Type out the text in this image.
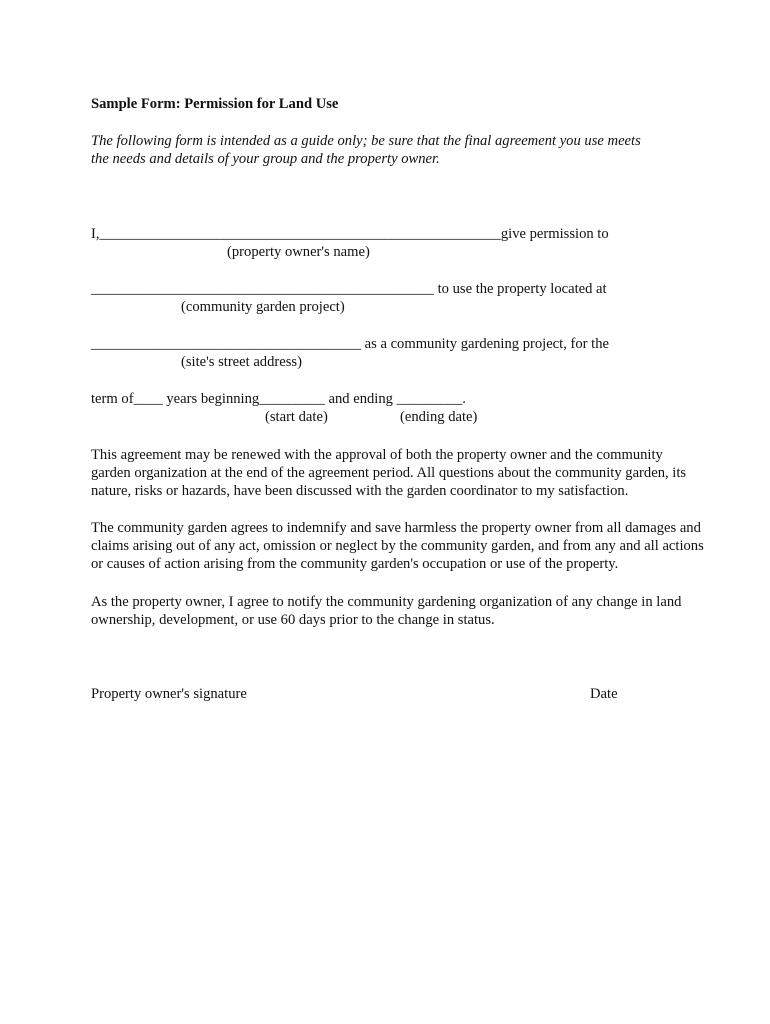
Sample Form: Permission for Land Use
The following form is intended as a guide only; be sure that the final agreement you use meets
the needs and details of your group and the property owner.
I,_______________________________________________________give permission to
(property owner's name)
_______________________________________________ to use the property located at
(community garden project)
_____________________________________ as a community gardening project, for the
(site's street address)
term of____ years beginning_________ and ending _________.
(start date)	(ending date)
This agreement may be renewed with the approval of both the property owner and the community
garden organization at the end of the agreement period. All questions about the community garden, its
nature, risks or hazards, have been discussed with the garden coordinator to my satisfaction.
The community garden agrees to indemnify and save harmless the property owner from all damages and
claims arising out of any act, omission or neglect by the community garden, and from any and all actions
or causes of action arising from the community garden's occupation or use of the property.
As the property owner, I agree to notify the community gardening organization of any change in land
ownership, development, or use 60 days prior to the change in status.
Property owner's signature	Date
